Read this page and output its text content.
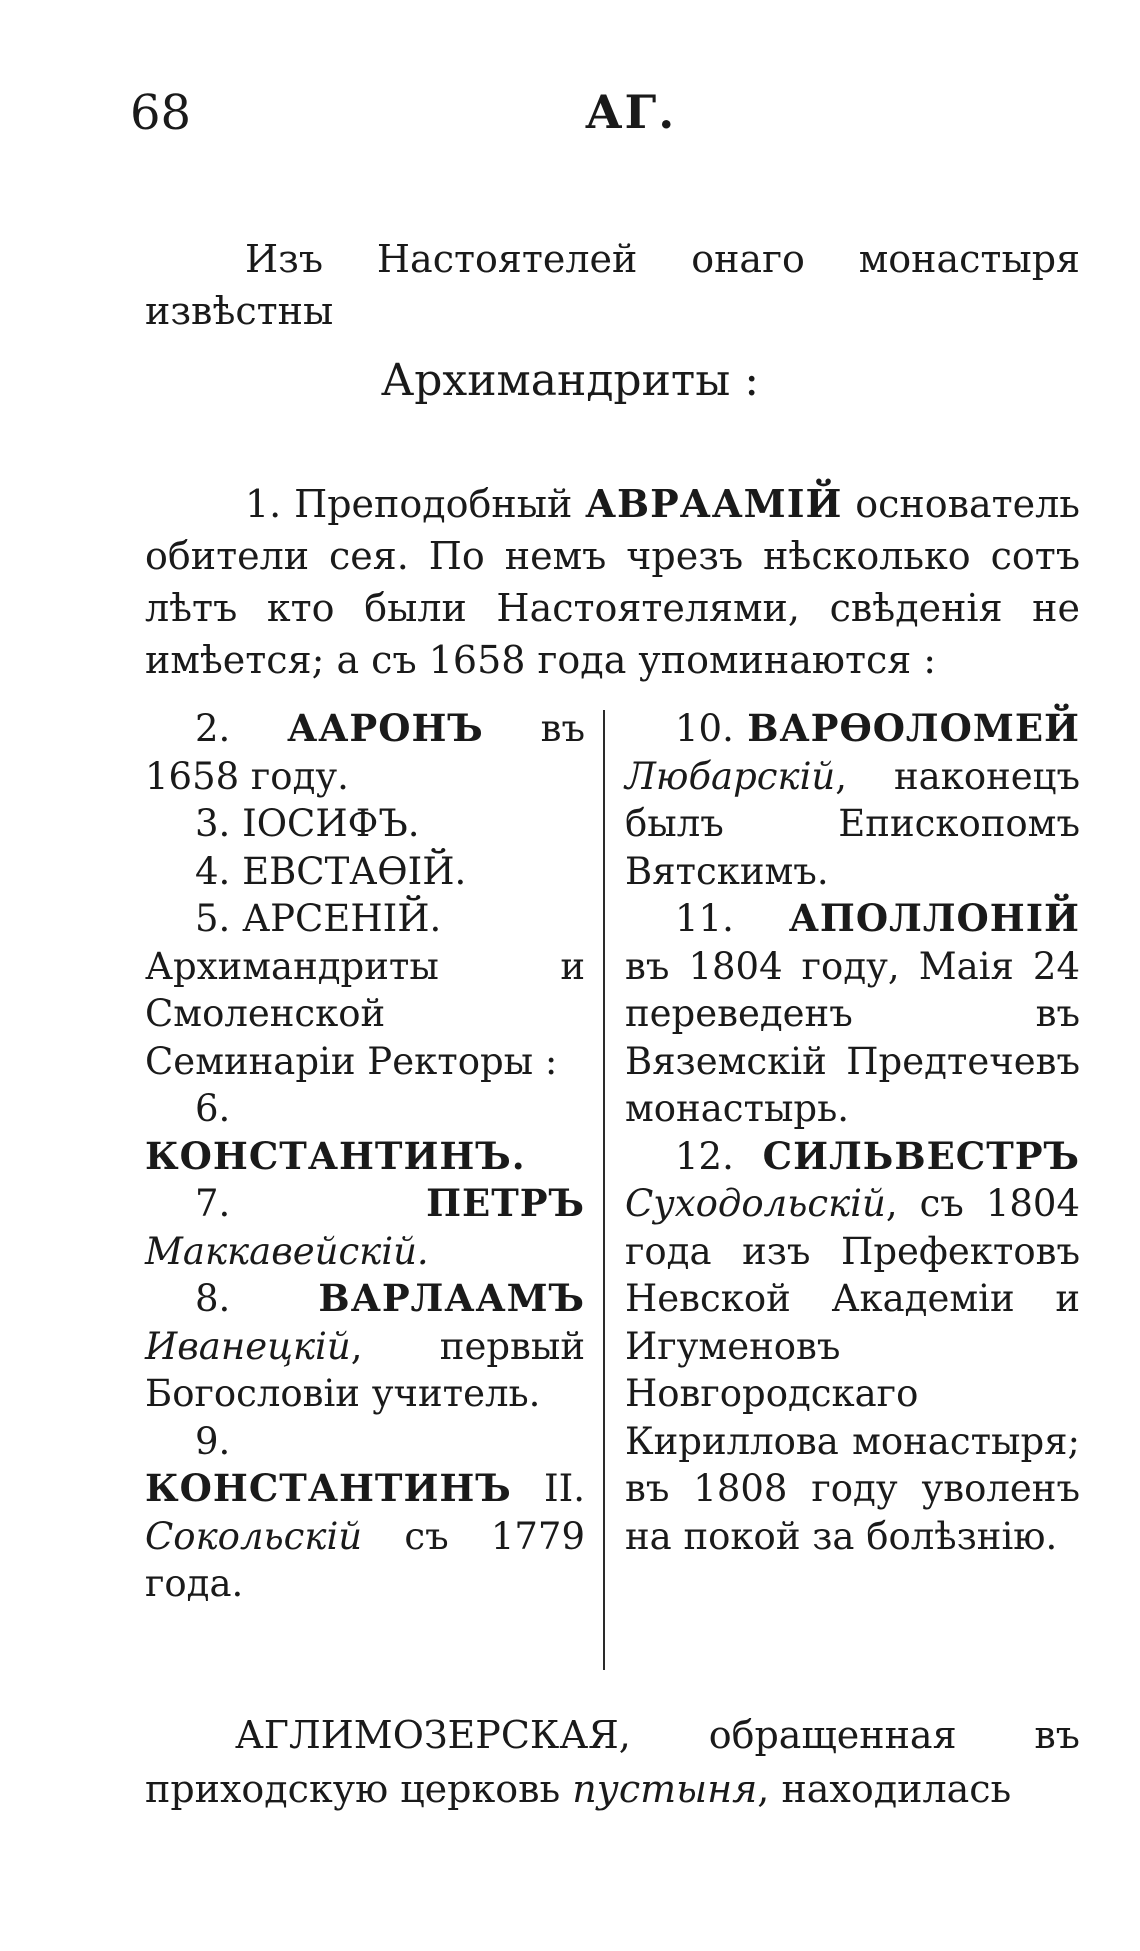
68	АГ.

Изъ Настоятелей онаго монастыря извѣстны

Архимандриты :

1. Преподобный АВРААМІЙ основатель обители сея. По немъ чрезъ нѣсколько сотъ лѣтъ кто были Настоятелями, свѣденія не имѣется; а съ 1658 года упоминаются :

2. ААРОНЪ въ 1658 году.

3. ІОСИФЪ.

4. ЕВСТАѲІЙ.

5. АРСЕНІЙ.

Архимандриты и Смоленской Семинаріи Ректоры :

6. КОНСТАНТИНЪ.

7.	ПЕТРЪ Маккавейскій.

8. ВАРЛААМЪ Иванецкій, первый Богословіи учитель.

9. КОНСТАНТИНЪ II. Сокольскій съ 1779 года.

10. ВАРѲОЛОМЕЙ Любарскій, наконецъ былъ Епископомъ Вятскимъ.

11. АПОЛЛОНІЙ въ 1804 году, Маія 24 переведенъ въ Вяземскій Предтечевъ монастырь.

12. СИЛЬВЕСТРЪ Суходольскій, съ 1804 года изъ Префектовъ Невской Академіи и Игуменовъ Новгородскаго Кириллова монастыря; въ 1808 году уволенъ на покой за болѣзнію.

АГЛИМОЗЕРСКАЯ, обращенная въ приходскую церковь пустыня, находилась
